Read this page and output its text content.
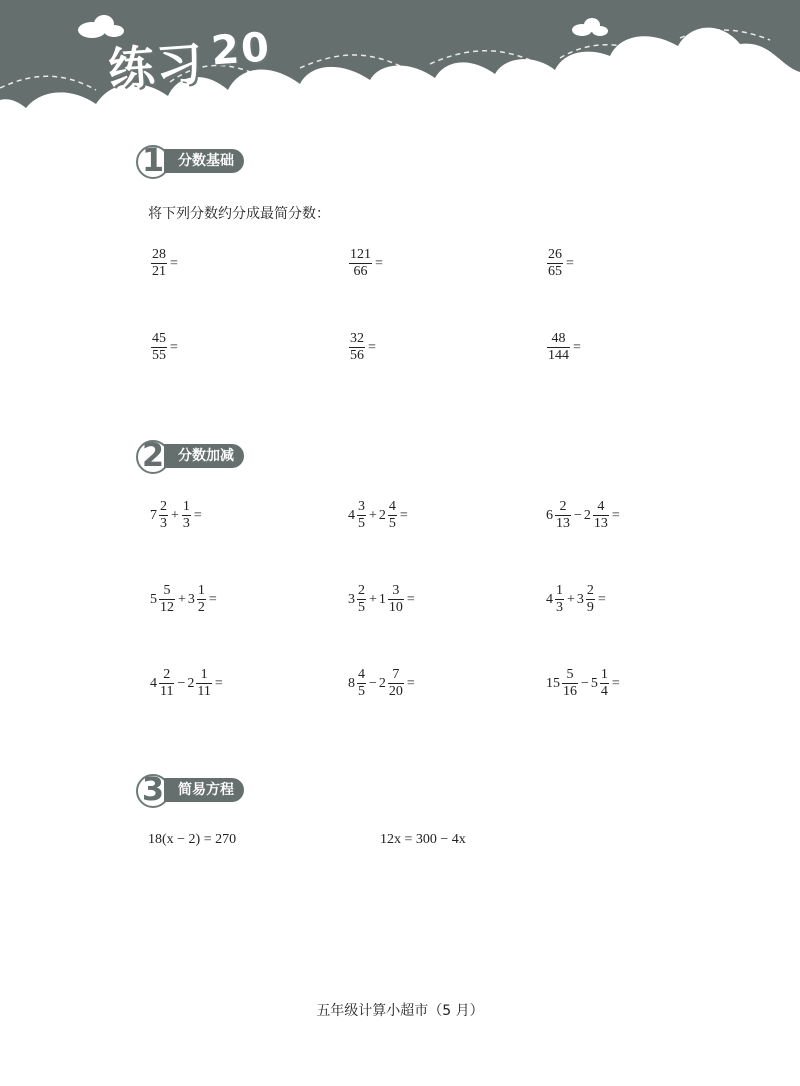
练习20
1 分数基础
2 分数加减
3 简易方程
将下列分数约分成最简分数：
$\frac{28}{21}$ =	$\frac{121}{66}$ =	$\frac{26}{65}$ =
$\frac{45}{55}$ =	$\frac{32}{56}$ =	$\frac{48}{144}$ =
$7 \frac{2}{3} + \frac{1}{3}$ =	$4 \frac{3}{5} + 2 \frac{4}{5}$ =	$6 \frac{2}{13} - 2 \frac{4}{13}$ =
$5 \frac{5}{12} + 3 \frac{1}{2}$ =	$3 \frac{2}{5} + 1 \frac{3}{10}$ =	$4 \frac{1}{3} + 3 \frac{2}{9}$ =
$4 \frac{2}{11} - 2 \frac{1}{11}$ =	$8 \frac{4}{5} - 2 \frac{7}{20}$ =	$15 \frac{5}{16} - 5 \frac{1}{4}$ =
18(x − 2) = 270	12x = 300 − 4x
五年级计算小超市（5 月）
